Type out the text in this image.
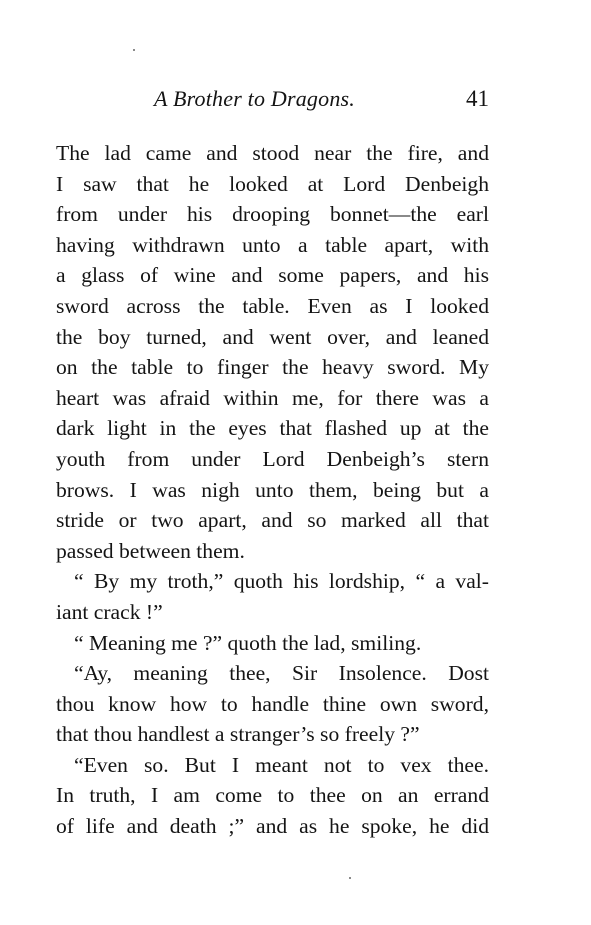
A Brother to Dragons.	41
The lad came and stood near the fire, and
I saw that he looked at Lord Denbeigh
from under his drooping bonnet—the earl
having withdrawn unto a table apart, with
a glass of wine and some papers, and his
sword across the table. Even as I looked
the boy turned, and went over, and leaned
on the table to finger the heavy sword. My
heart was afraid within me, for there was a
dark light in the eyes that flashed up at the
youth from under Lord Denbeigh’s stern
brows. I was nigh unto them, being but a
stride or two apart, and so marked all that
passed between them.
“ By my troth,” quoth his lordship, “ a val-
iant crack !”
“ Meaning me ?” quoth the lad, smiling.
“Ay, meaning thee, Sir Insolence. Dost
thou know how to handle thine own sword,
that thou handlest a stranger’s so freely ?”
“Even so. But I meant not to vex thee.
In truth, I am come to thee on an errand
of life and death ;” and as he spoke, he did
